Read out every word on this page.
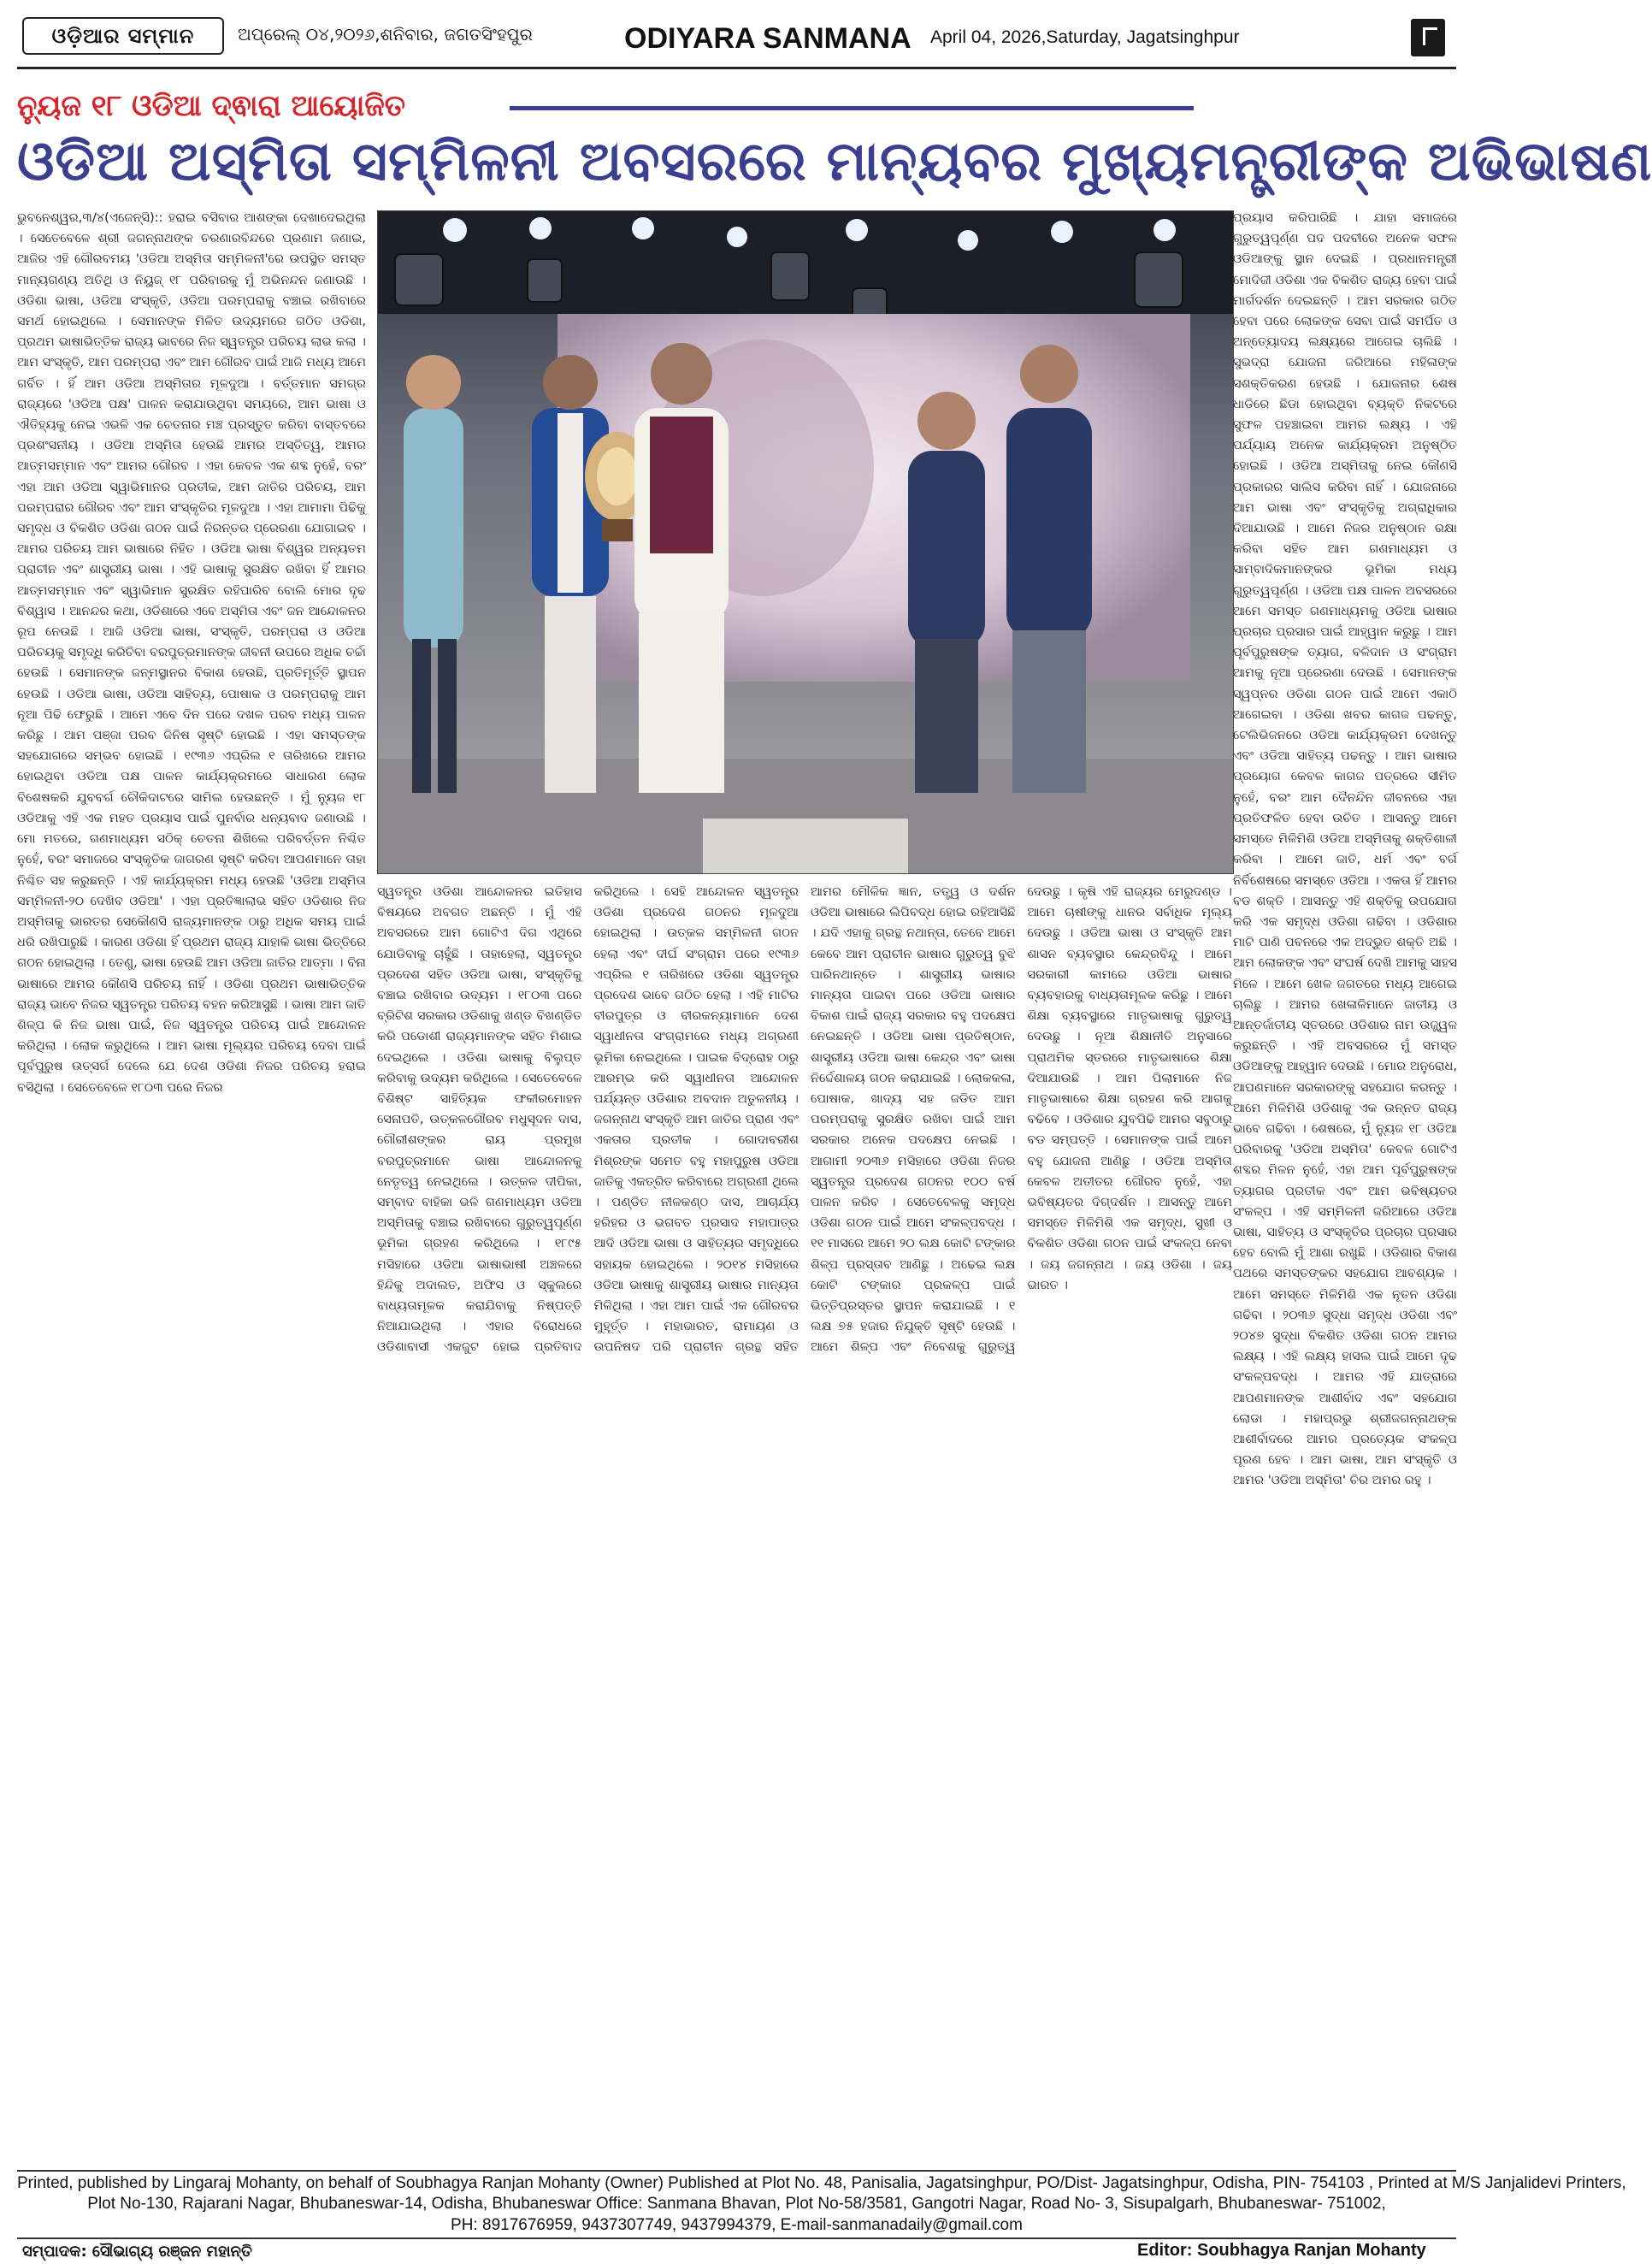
ଓଡ଼ିଆର ସମ୍ମାନ	ଅପ୍ରେଲ୍ ୦୪,୨୦୨୬,ଶନିବାର, ଜଗତସିଂହପୁର	ODIYARA SANMANA April 04, 2026,Saturday, Jagatsinghpur
ନ୍ୟୁଜ ୧୮ ଓଡିଆ ଦ୍ଵାରା ଆୟୋଜିତ
ଓଡିଆ ଅସ୍ମିତା ସମ୍ମିଳନୀ ଅବସରରେ ମାନ୍ୟବର ମୁଖ୍ୟମନ୍ତ୍ରୀଙ୍କ ଅଭିଭାଷଣ
ଭୁବନେଶ୍ୱର,୩/୪(ଏଜେନ୍ସି):: ହରାଇ ବସିବାର ଆଶଙ୍କା ଦେଖାଦେଇଥିଲା । ସେତେବେଳେ ଶ୍ରୀ ଜଗନ୍ନାଥଙ୍କ ଚରଣାରବିନ୍ଦରେ ପ୍ରଣାମ ଜଣାଇ, ଆଜିର ଏହି ଗୌରବମୟ 'ଓଡିଆ ଅସ୍ମିତା ସମ୍ମିଳନୀ'ରେ ଉପସ୍ଥିତ ସମସ୍ତ ମାନ୍ୟଗଣ୍ୟ ଅତିଥି ଓ ନିୟୁଜ୍ ୧୮ ପରିବାରକୁ ମୁଁ ଅଭିନନ୍ଦନ ଜଣାଉଛି । ଓଡିଶା ଭାଷା, ଓଡିଆ ସଂସ୍କୃତି, ଓଡିଆ ପରମ୍ପରାକୁ ବଞ୍ଚାଇ ରଖିବାରେ ସମର୍ଥ ହୋଇଥିଲେ । ସେମାନଙ୍କ ମିଳିତ ଉଦ୍ୟମରେ ଗଠିତ ଓଡିଶା, ପ୍ରଥମ ଭାଷାଭିତ୍ତିକ ରାଜ୍ୟ ଭାବରେ ନିଜ ସ୍ୱତନ୍ତ୍ର ପରିଚୟ ଲାଭ କଲା । ଆମ ସଂସ୍କୃତି, ଆମ ପରମ୍ପରା ଏବଂ ଆମ ଗୌରବ ପାଇଁ ଆଜି ମଧ୍ୟ ଆମେ ଗର୍ବିତ । ହିଁ ଆମ ଓଡିଆ ଅସ୍ମିତାର ମୂଳଦୁଆ । ବର୍ତ୍ତମାନ ସମଗ୍ର ରାଜ୍ୟରେ 'ଓଡିଆ ପକ୍ଷ' ପାଳନ କରାଯାଉଥିବା ସମୟରେ, ଆମ ଭାଷା ଓ ଐତିହ୍ୟକୁ ନେଇ ଏଭଳି ଏକ ଚେତନାର ମଞ୍ଚ ପ୍ରସ୍ତୁତ କରିବା ବାସ୍ତବରେ ପ୍ରଶଂସନୀୟ । ଓଡିଆ ଅସ୍ମିତା ହେଉଛି ଆମର ଅସ୍ତିତ୍ୱ, ଆମର ଆତ୍ମସମ୍ମାନ ଏବଂ ଆମର ଗୌରବ । ଏହା କେବଳ ଏକ ଶବ୍ଦ ନୁହେଁ, ବରଂ ଏହା ଆମ ଓଡିଆ ସ୍ୱାଭିମାନର ପ୍ରତୀକ, ଆମ ଜାତିର ପରିଚୟ, ଆମ ପରମ୍ପରାର ଗୌରବ ଏବଂ ଆମ ସଂସ୍କୃତିର ମୂଳଦୁଆ । ଏହା ଆମାମା ପିଢିକୁ ସମୃଦ୍ଧ ଓ ବିକଶିତ ଓଡିଶା ଗଠନ ପାଇଁ ନିରନ୍ତର ପ୍ରେରଣା ଯୋଗାଇବ । ଆମର ପରିଚୟ ଆମ ଭାଷାରେ ନିହିତ । ଓଡିଆ ଭାଷା ବିଶ୍ୱର ଅନ୍ୟତମ ପ୍ରାଚୀନ ଏବଂ ଶାସ୍ତ୍ରୀୟ ଭାଷା । ଏହି ଭାଷାକୁ ସୁରକ୍ଷିତ ରଖିବା ହିଁ ଆମର ଆତ୍ମସମ୍ମାନ ଏବଂ ସ୍ୱାଭିମାନ ସୁରକ୍ଷିତ ରହିପାରିବ ବୋଲି ମୋର ଦୃଢ ବିଶ୍ୱାସ । ଆନନ୍ଦର କଥା, ଓଡିଶାରେ ଏବେ ଅସ୍ମିତା ଏବଂ ଜନ ଆନ୍ଦୋଳନର ରୂପ ନେଉଛି । ଆଜି ଓଡିଆ ଭାଷା, ସଂସ୍କୃତି, ପରମ୍ପରା ଓ ଓଡିଆ ପରିଚୟକୁ ସମୃଦ୍ଧି କରିଚିବା ବରପୁତ୍ରମାନଙ୍କ ଜୀବନୀ ଉପରେ ଅଧିକ ଚର୍ଚ୍ଚା ହେଉଛି । ସେମାନଙ୍କ ଜନ୍ମସ୍ଥାନର ବିକାଶ ହେଉଛି, ପ୍ରତିମୂର୍ତ୍ତି ସ୍ଥାପନ ହେଉଛି । ଓଡିଆ ଭାଷା, ଓଡିଆ ସାହିତ୍ୟ, ପୋଷାକ ଓ ପରମ୍ପରାକୁ ଆମ ନୂଆ ପିଢି ଫେରୁଛି । ଆମେ ଏବେ ଦିନ ପରେ ଦଖଳ ପରବ ମଧ୍ୟ ପାଳନ କରିଛୁ । ଆମ ପଞ୍ଜା ପରବ ଜିନିଷ ସୃଷ୍ଟି ହୋଇଛି । ଏହା ସମସ୍ତଙ୍କ ସହଯୋଗରେ ସମ୍ଭବ ହୋଇଛି । ୧୯୩୬ ଏପ୍ରିଲ ୧ ତାରିଖରେ ଆମର ହୋଇଥିବା ଓଡିଆ ପକ୍ଷ ପାଳନ କାର୍ଯ୍ୟକ୍ରମରେ ସାଧାରଣ ଲୋକ ବିଶେଷକରି ଯୁବବର୍ଗ ଚୌକିଦାଟରେ ସାମିଲ ହେଉଛନ୍ତି । ମୁଁ ନ୍ୟୁଜ ୧୮ ଓଡିଆକୁ ଏହି ଏକ ମହତ ପ୍ରୟାସ ପାଇଁ ପୁନର୍ବାର ଧନ୍ୟବାଦ ଜଣାଉଛି । ମୋ ମତରେ, ଗଣମାଧ୍ୟମ ସଠିକ୍ ଚେତନା ଶିଖିଲେ ପରିବର୍ତ୍ତନ ନିଶ୍ଚିତ ନୁହେଁ, ବରଂ ସମାଜରେ ସଂସ୍କୃତିକ ଜାଗରଣ ସୃଷ୍ଟି କରିବା ଆପଣମାନେ ତାହା ନିଶ୍ଚିତ ସହ କରୁଛନ୍ତି । ଏହି କାର୍ଯ୍ୟକ୍ରମ ମଧ୍ୟ ହେଉଛି 'ଓଡିଆ ଅସ୍ମିତା ସମ୍ମିଳନୀ-୨୦ ଦେଖିବ ଓଡିଆ' । ଏହା ପ୍ରତିଜ୍ଞାଲାଭ ସହିତ ଓଡିଶାର ନିଜ ଅସ୍ମିତାକୁ ଭାରତର ସେକୌଣସି ରାଜ୍ୟମାନଙ୍କ ଠାରୁ ଅଧିକ ସମୟ ପାଇଁ ଧରି ରଖିପାରୁଛି । କାରଣ ଓଡିଶା ହିଁ ପ୍ରଥମ ରାଜ୍ୟ ଯାହାକି ଭାଷା ଭିତ୍ତିରେ ଗଠନ ହୋଇଥିଲା । ତେଣୁ, ଭାଷା ହେଉଛି ଆମ ଓଡିଆ ଜାତିର ଆତ୍ମା । ବିନା ଭାଷାରେ ଆମର କୌଣସି ପରିଚୟ ନାହିଁ । ଓଡିଶା ପ୍ରଥମ ଭାଷାଭିତ୍ତିକ ରାଜ୍ୟ ଭାବେ ନିଜର ସ୍ୱତନ୍ତ୍ର ପରିଚୟ ବହନ କରିଆସୁଛି । ଭାଷା ଆମ ଜାତି ଶିଳ୍ପ କି ନିଜ ଭାଷା ପାଇଁ, ନିଜ ସ୍ୱତନ୍ତ୍ର ପରିଚୟ ପାଇଁ ଆନ୍ଦୋଳନ କରିଥିଲା । ଲୋକ କରୁଥିଲେ । ଆମ ଭାଷା ମୂଲ୍ୟର ପରିଚୟ ଦେବା ପାଇଁ ପୂର୍ବପୁରୁଷ ଉତ୍ସର୍ଗ ଦେଲେ ଯେ ଦେଶ ଓଡିଶା ନିଜର ପରିଚୟ ହରାଇ ବସିଥିଲା । ସେତେବେଳେ ୧୮୦୩ ପରେ ନିଜର
ସ୍ୱତନ୍ତ୍ର ଓଡିଶା ଆନ୍ଦୋଳନର ଇତିହାସ ବିଷୟରେ ଅବଗତ ଅଛନ୍ତି । ମୁଁ ଏହି ଅବସରରେ ଆମ ଗୋଟିଏ ଦିଗ ଏଥିରେ ଯୋଡିବାକୁ ଚାହୁଁଛି । ତାହାହେଲା, ସ୍ୱତନ୍ତ୍ର ପ୍ରଦେଶ ସହିତ ଓଡିଆ ଭାଷା, ସଂସ୍କୃତିକୁ ବଞ୍ଚାଇ ରଖିବାର ଉଦ୍ୟମ । ୧୮୦୩ ପରେ ବ୍ରିଟିଶ ସରକାର ଓଡିଶାକୁ ଖଣ୍ଡ ବିଖଣ୍ଡିତ କରି ପଡୋଶୀ ରାଜ୍ୟମାନଙ୍କ ସହିତ ମିଶାଇ ଦେଇଥିଲେ । ଓଡିଶା ଭାଷାକୁ ବିଲୁପ୍ତ କରିବାକୁ ଉଦ୍ୟମ କରିଥିଲେ । ସେତେବେଳେ ବିଶିଷ୍ଟ ସାହିତ୍ୟିକ ଫକୀରମୋହନ ସେନାପତି, ଉତ୍କଳଗୌରବ ମଧୁସୂଦନ ଦାସ, ଗୌରୀଶଙ୍କର ରାୟ ପ୍ରମୁଖ ବରପୁତ୍ରମାନେ ଭାଷା ଆନ୍ଦୋଳନକୁ ନେତୃତ୍ୱ ନେଇଥିଲେ । ଉତ୍କଳ ଦୀପିକା, ସମ୍ବାଦ ବାହିକା ଭଳି ଗଣମାଧ୍ୟମ ଓଡିଆ ଅସ୍ମିତାକୁ ବଞ୍ଚାଇ ରଖିବାରେ ଗୁରୁତ୍ୱପୂର୍ଣ୍ଣ ଭୂମିକା ଗ୍ରହଣ କରିଥିଲେ । ୧୮୯୫ ମସିହାରେ ଓଡିଆ ଭାଷାଭାଷୀ ଅଞ୍ଚଳରେ ହିନ୍ଦିକୁ ଅଦାଲତ, ଅଫିସ ଓ ସ୍କୁଲରେ ବାଧ୍ୟତାମୂଳକ କରାଯିବାକୁ ନିଷ୍ପତ୍ତି ନିଆଯାଇଥିଲା । ଏହାର ବିରୋଧରେ ଓଡିଶାବାସୀ ଏକଜୁଟ ହୋଇ ପ୍ରତିବାଦ କରିଥିଲେ । ସେହି ଆନ୍ଦୋଳନ ସ୍ୱତନ୍ତ୍ର ଓଡିଶା ପ୍ରଦେଶ ଗଠନର ମୂଳଦୁଆ ହୋଇଥିଲା । ଉତ୍କଳ ସମ୍ମିଳନୀ ଗଠନ ହେଲା ଏବଂ ଦୀର୍ଘ ସଂଗ୍ରାମ ପରେ ୧୯୩୬ ଏପ୍ରିଲ ୧ ତାରିଖରେ ଓଡିଶା ସ୍ୱତନ୍ତ୍ର ପ୍ରଦେଶ ଭାବେ ଗଠିତ ହେଲା । ଏହି ମାଟିର ବୀରପୁତ୍ର ଓ ବୀରକନ୍ୟାମାନେ ଦେଶ ସ୍ୱାଧୀନତା ସଂଗ୍ରାମରେ ମଧ୍ୟ ଅଗ୍ରଣୀ ଭୂମିକା ନେଇଥିଲେ । ପାଇକ ବିଦ୍ରୋହ ଠାରୁ ଆରମ୍ଭ କରି ସ୍ୱାଧୀନତା ଆନ୍ଦୋଳନ ପର୍ଯ୍ୟନ୍ତ ଓଡିଶାର ଅବଦାନ ଅତୁଳନୀୟ । ଜଗନ୍ନାଥ ସଂସ୍କୃତି ଆମ ଜାତିର ପ୍ରାଣ ଏବଂ ଏକତାର ପ୍ରତୀକ । ଗୋଦାବରୀଶ ମିଶ୍ରଙ୍କ ସମେତ ବହୁ ମହାପୁରୁଷ ଓଡିଆ ଜାତିକୁ ଏକତ୍ରିତ କରିବାରେ ଅଗ୍ରଣୀ ଥିଲେ । ପଣ୍ଡିତ ନୀଳକଣ୍ଠ ଦାସ, ଆଚାର୍ଯ୍ୟ ହରିହର ଓ ଭଗବତ ପ୍ରସାଦ ମହାପାତ୍ର ଆଦି ଓଡିଆ ଭାଷା ଓ ସାହିତ୍ୟର ସମୃଦ୍ଧିରେ ସହାୟକ ହୋଇଥିଲେ । ୨୦୧୪ ମସିହାରେ ଓଡିଆ ଭାଷାକୁ ଶାସ୍ତ୍ରୀୟ ଭାଷାର ମାନ୍ୟତା ମିଳିଥିଲା । ଏହା ଆମ ପାଇଁ ଏକ ଗୌରବର ମୁହୂର୍ତ୍ତ । ମହାଭାରତ, ରାମାୟଣ ଓ ଉପନିଷଦ ପରି ପ୍ରାଚୀନ ଗ୍ରନ୍ଥ ସହିତ ଆମର ମୌଳିକ ଜ୍ଞାନ, ତତ୍ତ୍ୱ ଓ ଦର୍ଶନ ଓଡିଆ ଭାଷାରେ ଲିପିବଦ୍ଧ ହୋଇ ରହିଆସିଛି । ଯଦି ଏହାକୁ ଗ୍ରନ୍ଥ ନଥାନ୍ତା, ତେବେ ଆମେ କେବେ ଆମ ପ୍ରାଚୀନ ଭାଷାର ଗୁରୁତ୍ୱ ବୁଝି ପାରିନଥାନ୍ତେ । ଶାସ୍ତ୍ରୀୟ ଭାଷାର ମାନ୍ୟତା ପାଇବା ପରେ ଓଡିଆ ଭାଷାର ବିକାଶ ପାଇଁ ରାଜ୍ୟ ସରକାର ବହୁ ପଦକ୍ଷେପ ନେଇଛନ୍ତି । ଓଡିଆ ଭାଷା ପ୍ରତିଷ୍ଠାନ, ଶାସ୍ତ୍ରୀୟ ଓଡିଆ ଭାଷା କେନ୍ଦ୍ର ଏବଂ ଭାଷା ନିର୍ଦ୍ଦେଶାଳୟ ଗଠନ କରାଯାଇଛି । ଲୋକକଳା, ପୋଷାକ, ଖାଦ୍ୟ ସହ ଜଡିତ ଆମ ପରମ୍ପରାକୁ ସୁରକ୍ଷିତ ରଖିବା ପାଇଁ ଆମ ସରକାର ଅନେକ ପଦକ୍ଷେପ ନେଇଛି । ଆଗାମୀ ୨୦୩୬ ମସିହାରେ ଓଡିଶା ନିଜର ସ୍ୱତନ୍ତ୍ର ପ୍ରଦେଶ ଗଠନର ୧୦୦ ବର୍ଷ ପାଳନ କରିବ । ସେତେବେଳକୁ ସମୃଦ୍ଧ ଓଡିଶା ଗଠନ ପାଇଁ ଆମେ ସଂକଳ୍ପବଦ୍ଧ । ୧୧ ମାସରେ ଆମେ ୨୦ ଲକ୍ଷ କୋଟି ଟଙ୍କାର ଶିଳ୍ପ ପ୍ରସ୍ତାବ ଆଣିଛୁ । ଅଢେଇ ଲକ୍ଷ କୋଟି ଟଙ୍କାର ପ୍ରକଳ୍ପ ପାଇଁ ଭିତ୍ତିପ୍ରସ୍ତର ସ୍ଥାପନ କରାଯାଇଛି । ୧ ଲକ୍ଷ ୭୫ ହଜାର ନିଯୁକ୍ତି ସୃଷ୍ଟି ହେଉଛି । ଆମେ ଶିଳ୍ପ ଏବଂ ନିବେଶକୁ ଗୁରୁତ୍ୱ ଦେଉଛୁ । କୃଷି ଏହି ରାଜ୍ୟର ମେରୁଦଣ୍ଡ । ଆମେ ଚାଷୀଙ୍କୁ ଧାନର ସର୍ବାଧିକ ମୂଲ୍ୟ ଦେଉଛୁ । ଓଡିଆ ଭାଷା ଓ ସଂସ୍କୃତି ଆମ ଶାସନ ବ୍ୟବସ୍ଥାର କେନ୍ଦ୍ରବିନ୍ଦୁ । ଆମେ ସରକାରୀ କାମରେ ଓଡିଆ ଭାଷାର ବ୍ୟବହାରକୁ ବାଧ୍ୟତାମୂଳକ କରିଛୁ । ଆମେ ଶିକ୍ଷା ବ୍ୟବସ୍ଥାରେ ମାତୃଭାଷାକୁ ଗୁରୁତ୍ୱ ଦେଉଛୁ । ନୂଆ ଶିକ୍ଷାନୀତି ଅନୁସାରେ ପ୍ରାଥମିକ ସ୍ତରରେ ମାତୃଭାଷାରେ ଶିକ୍ଷା ଦିଆଯାଉଛି । ଆମ ପିଲାମାନେ ନିଜ ମାତୃଭାଷାରେ ଶିକ୍ଷା ଗ୍ରହଣ କରି ଆଗକୁ ବଢିବେ । ଓଡିଶାର ଯୁବପିଢି ଆମର ସବୁଠାରୁ ବଡ ସମ୍ପତ୍ତି । ସେମାନଙ୍କ ପାଇଁ ଆମେ ବହୁ ଯୋଜନା ଆଣିଛୁ । ଓଡିଆ ଅସ୍ମିତା କେବଳ ଅତୀତର ଗୌରବ ନୁହେଁ, ଏହା ଭବିଷ୍ୟତର ଦିଗ୍‌ଦର୍ଶନ । ଆସନ୍ତୁ ଆମେ ସମସ୍ତେ ମିଳିମିଶି ଏକ ସମୃଦ୍ଧ, ସୁଖୀ ଓ ବିକଶିତ ଓଡିଶା ଗଠନ ପାଇଁ ସଂକଳ୍ପ ନେବା । ଜୟ ଜଗନ୍ନାଥ । ଜୟ ଓଡିଶା । ଜୟ ଭାରତ ।
ପ୍ରୟାସ କରିପାରିଛି । ଯାହା ସମାଜରେ ଗୁରୁତ୍ୱପୂର୍ଣ୍ଣ ପଦ ପଦବୀରେ ଅନେକ ସଫଳ ଓଡିଆଙ୍କୁ ସ୍ଥାନ ଦେଇଛି । ପ୍ରଧାନମନ୍ତ୍ରୀ ମୋଦିଜୀ ଓଡିଶା ଏକ ବିକଶିତ ରାଜ୍ୟ ହେବା ପାଇଁ ମାର୍ଗଦର୍ଶନ ଦେଇଛନ୍ତି । ଆମ ସରକାର ଗଠିତ ହେବା ପରେ ଲୋକଙ୍କ ସେବା ପାଇଁ ସମର୍ପିତ ଓ ଅନ୍ତ୍ୟୋଦୟ ଲକ୍ଷ୍ୟରେ ଆଗେଇ ଚାଲିଛି । ସୁଭଦ୍ରା ଯୋଜନା ଜରିଆରେ ମହିଳାଙ୍କ ସଶକ୍ତିକରଣ ହେଉଛି । ଯୋଜନାର ଶେଷ ଧାଡିରେ ଛିଡା ହୋଇଥିବା ବ୍ୟକ୍ତି ନିକଟରେ ସୁଫଳ ପହଞ୍ଚାଇବା ଆମର ଲକ୍ଷ୍ୟ । ଏହି ପର୍ଯ୍ୟାୟ ଅନେକ କାର୍ଯ୍ୟକ୍ରମ ଅନୁଷ୍ଠିତ ହୋଇଛି । ଓଡିଆ ଅସ୍ମିତାକୁ ନେଇ କୌଣସି ପ୍ରକାରର ସାଲିସ କରିବା ନାହିଁ । ଯୋଜନାରେ ଆମ ଭାଷା ଏବଂ ସଂସ୍କୃତିକୁ ଅଗ୍ରାଧିକାର ଦିଆଯାଉଛି । ଆମେ ନିଜର ଅନୁଷ୍ଠାନ ରକ୍ଷା କରିବା ସହିତ ଆମ ଗଣମାଧ୍ୟମ ଓ ସାମ୍ବାଦିକମାନଙ୍କର ଭୂମିକା ମଧ୍ୟ ଗୁରୁତ୍ୱପୂର୍ଣ୍ଣ । ଓଡିଆ ପକ୍ଷ ପାଳନ ଅବସରରେ ଆମେ ସମସ୍ତ ଗଣମାଧ୍ୟମକୁ ଓଡିଆ ଭାଷାର ପ୍ରଚାର ପ୍ରସାର ପାଇଁ ଆହ୍ୱାନ କରୁଛୁ । ଆମ ପୂର୍ବପୁରୁଷଙ୍କ ତ୍ୟାଗ, ବଳିଦାନ ଓ ସଂଗ୍ରାମ ଆମକୁ ନୂଆ ପ୍ରେରଣା ଦେଉଛି । ସେମାନଙ୍କ ସ୍ୱପ୍ନର ଓଡିଶା ଗଠନ ପାଇଁ ଆମେ ଏକାଠି ଆଗେଇବା । ଓଡିଶା ଖବର କାଗଜ ପଢନ୍ତୁ, ଟେଲିଭିଜନରେ ଓଡିଆ କାର୍ଯ୍ୟକ୍ରମ ଦେଖନ୍ତୁ ଏବଂ ଓଡିଆ ସାହିତ୍ୟ ପଢନ୍ତୁ । ଆମ ଭାଷାର ପ୍ରୟୋଗ କେବଳ କାଗଜ ପତ୍ରରେ ସୀମିତ ନୁହେଁ, ବରଂ ଆମ ଦୈନନ୍ଦିନ ଜୀବନରେ ଏହା ପ୍ରତିଫଳିତ ହେବା ଉଚିତ । ଆସନ୍ତୁ ଆମେ ସମସ୍ତେ ମିଳିମିଶି ଓଡିଆ ଅସ୍ମିତାକୁ ଶକ୍ତିଶାଳୀ କରିବା । ଆମେ ଜାତି, ଧର୍ମ ଏବଂ ବର୍ଗ ନିର୍ବିଶେଷରେ ସମସ୍ତେ ଓଡିଆ । ଏକତା ହିଁ ଆମର ବଡ ଶକ୍ତି । ଆସନ୍ତୁ ଏହି ଶକ୍ତିକୁ ଉପଯୋଗ କରି ଏକ ସମୃଦ୍ଧ ଓଡିଶା ଗଢିବା । ଓଡିଶାର ମାଟି ପାଣି ପବନରେ ଏକ ଅଦ୍ଭୁତ ଶକ୍ତି ଅଛି । ଆମ ଲୋକଙ୍କ ଏବଂ ସଂଘର୍ଷ ଦେଖି ଆମକୁ ସାହସ ମିଳେ । ଆମେ ଖେଳ ଜଗତରେ ମଧ୍ୟ ଆଗେଇ ଚାଲିଛୁ । ଆମର ଖେଳାଳିମାନେ ଜାତୀୟ ଓ ଆନ୍ତର୍ଜାତୀୟ ସ୍ତରରେ ଓଡିଶାର ନାମ ଉଜ୍ଜ୍ୱଳ କରୁଛନ୍ତି । ଏହି ଅବସରରେ ମୁଁ ସମସ୍ତ ଓଡିଆଙ୍କୁ ଆହ୍ୱାନ ଦେଉଛି । ମୋର ଅନୁରୋଧ, ଆପଣମାନେ ସରକାରଙ୍କୁ ସହଯୋଗ କରନ୍ତୁ । ଆମେ ମିଳିମିଶି ଓଡିଶାକୁ ଏକ ଉନ୍ନତ ରାଜ୍ୟ ଭାବେ ଗଢିବା । ଶେଷରେ, ମୁଁ ନ୍ୟୁଜ ୧୮ ଓଡିଆ ପରିବାରକୁ 'ଓଡିଆ ଅସ୍ମିତା' କେବଳ ଗୋଟିଏ ଶବ୍ଦର ମିଳନ ନୁହେଁ, ଏହା ଆମ ପୂର୍ବପୁରୁଷଙ୍କ ତ୍ୟାଗର ପ୍ରତୀକ ଏବଂ ଆମ ଭବିଷ୍ୟତର ସଂକଳ୍ପ । ଏହି ସମ୍ମିଳନୀ ଜରିଆରେ ଓଡିଆ ଭାଷା, ସାହିତ୍ୟ ଓ ସଂସ୍କୃତିର ପ୍ରଚାର ପ୍ରସାର ହେବ ବୋଲି ମୁଁ ଆଶା ରଖୁଛି । ଓଡିଶାର ବିକାଶ ପଥରେ ସମସ୍ତଙ୍କର ସହଯୋଗ ଆବଶ୍ୟକ । ଆମେ ସମସ୍ତେ ମିଳିମିଶି ଏକ ନୂତନ ଓଡିଶା ଗଢିବା । ୨୦୩୬ ସୁଦ୍ଧା ସମୃଦ୍ଧ ଓଡିଶା ଏବଂ ୨୦୪୭ ସୁଦ୍ଧା ବିକଶିତ ଓଡିଶା ଗଠନ ଆମର ଲକ୍ଷ୍ୟ । ଏହି ଲକ୍ଷ୍ୟ ହାସଲ ପାଇଁ ଆମେ ଦୃଢ ସଂକଳ୍ପବଦ୍ଧ । ଆମର ଏହି ଯାତ୍ରାରେ ଆପଣମାନଙ୍କ ଆଶୀର୍ବାଦ ଏବଂ ସହଯୋଗ ଲୋଡା । ମହାପ୍ରଭୁ ଶ୍ରୀଜଗନ୍ନାଥଙ୍କ ଆଶୀର୍ବାଦରେ ଆମର ପ୍ରତ୍ୟେକ ସଂକଳ୍ପ ପୂରଣ ହେବ । ଆମ ଭାଷା, ଆମ ସଂସ୍କୃତି ଓ ଆମର 'ଓଡିଆ ଅସ୍ମିତା' ଚିର ଅମର ରହୁ ।
Printed, published by Lingaraj Mohanty, on behalf of Soubhagya Ranjan Mohanty (Owner) Published at Plot No. 48, Panisalia, Jagatsinghpur, PO/Dist- Jagatsinghpur, Odisha, PIN- 754103 , Printed at M/S Janjalidevi Printers,
Plot No-130, Rajarani Nagar, Bhubaneswar-14, Odisha, Bhubaneswar Office: Sanmana Bhavan, Plot No-58/3581, Gangotri Nagar, Road No- 3, Sisupalgarh, Bhubaneswar- 751002,
PH: 8917676959, 9437307749, 9437994379, E-mail-sanmanadaily@gmail.com
ସମ୍ପାଦକ: ସୌଭାଗ୍ୟ ରଞ୍ଜନ ମହାନ୍ତି	Editor: Soubhagya Ranjan Mohanty
